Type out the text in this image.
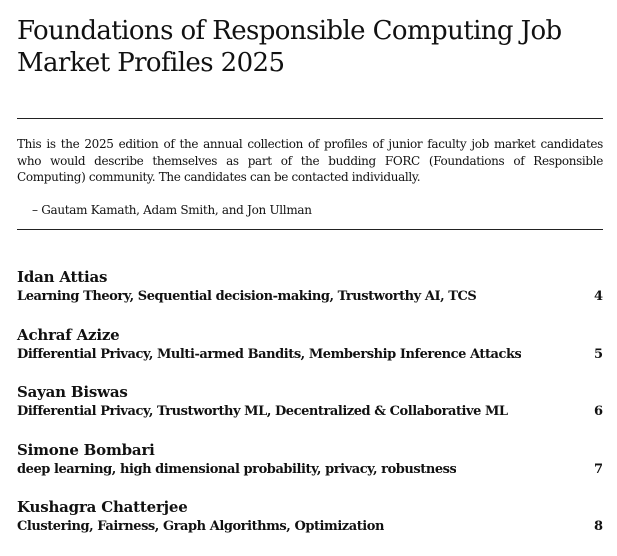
Foundations of Responsible Computing Job Market Profiles 2025

This is the 2025 edition of the annual collection of profiles of junior faculty job market candidates who would describe themselves as part of the budding FORC (Foundations of Responsible Computing) community. The candidates can be contacted individually.

– Gautam Kamath, Adam Smith, and Jon Ullman

Idan Attias
Learning Theory, Sequential decision-making, Trustworthy AI, TCS	4
Achraf Azize
Differential Privacy, Multi-armed Bandits, Membership Inference Attacks	5
Sayan Biswas
Differential Privacy, Trustworthy ML, Decentralized & Collaborative ML	6
Simone Bombari
deep learning, high dimensional probability, privacy, robustness	7
Kushagra Chatterjee
Clustering, Fairness, Graph Algorithms, Optimization	8
